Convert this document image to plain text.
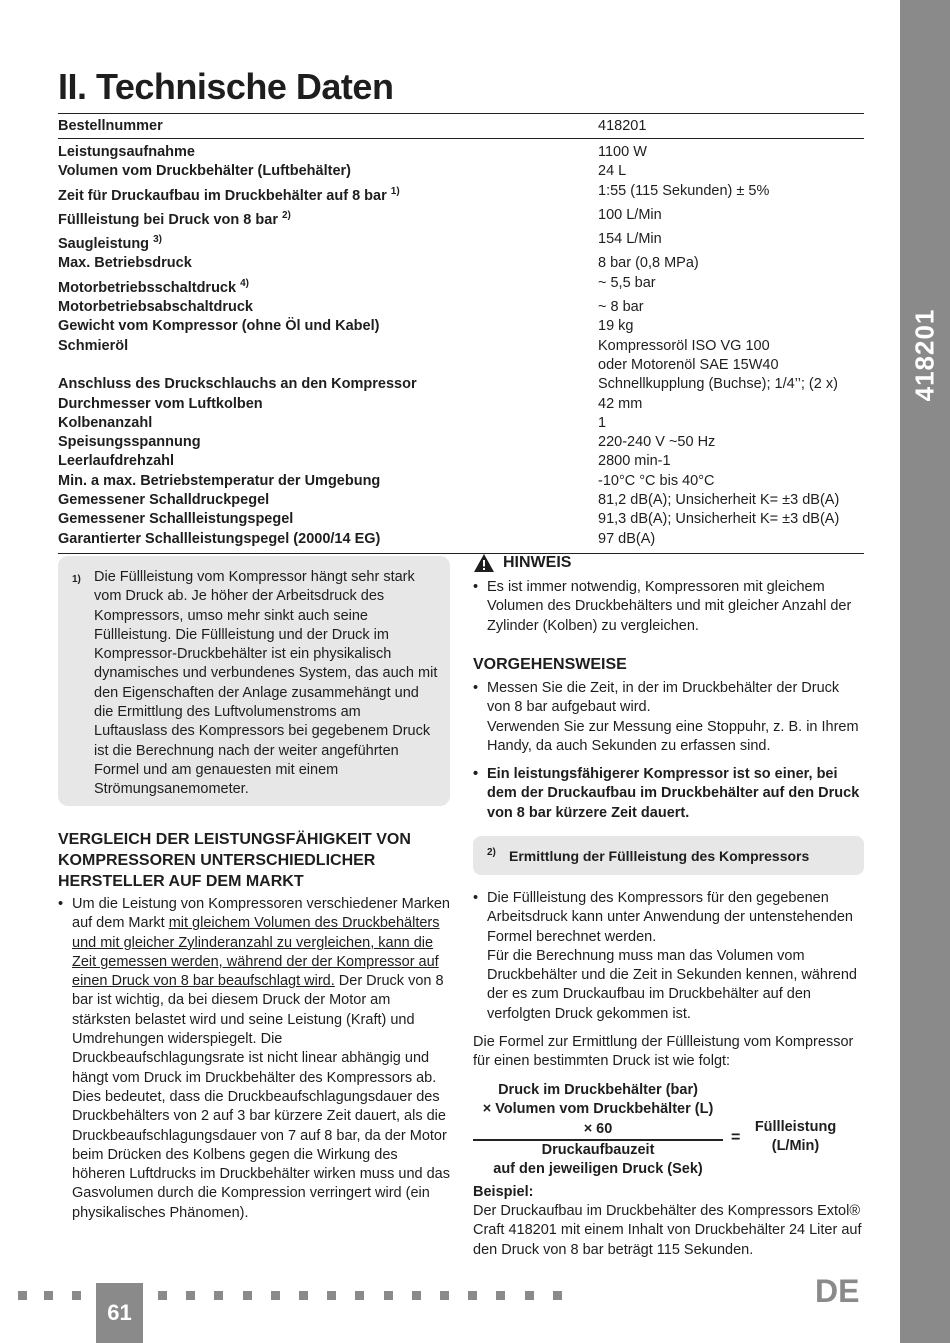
418201
II. Technische Daten
Bestellnummer	418201
Leistungsaufnahme	1100 W
Volumen vom Druckbehälter (Luftbehälter)	24 L
Zeit für Druckaufbau im Druckbehälter auf 8 bar $^{1)}$	1:55 (115 Sekunden) ± 5%
Füllleistung bei Druck von 8 bar $^{2)}$	100 L/Min
Saugleistung $^{3)}$	154 L/Min
Max. Betriebsdruck	8 bar (0,8 MPa)
Motorbetriebsschaltdruck $^{4)}$	~ 5,5 bar
Motorbetriebsabschaltdruck	~ 8 bar
Gewicht vom Kompressor (ohne Öl und Kabel)	19 kg
Schmieröl	Kompressoröl ISO VG 100
oder Motorenöl SAE 15W40
Anschluss des Druckschlauchs an den Kompressor	Schnellkupplung (Buchse); 1/4’’; (2 x)
Durchmesser vom Luftkolben	42 mm
Kolbenanzahl	1
Speisungsspannung	220-240 V ~50 Hz
Leerlaufdrehzahl	2800 min-1
Min. a max. Betriebstemperatur der Umgebung	-10°C °C bis 40°C
Gemessener Schalldruckpegel	81,2 dB(A); Unsicherheit K= ±3 dB(A)
Gemessener Schallleistungspegel	91,3 dB(A); Unsicherheit K= ±3 dB(A)
Garantierter Schallleistungspegel (2000/14 EG)	97 dB(A)
1) Die Füllleistung vom Kompressor hängt sehr stark vom Druck ab. Je höher der Arbeitsdruck des Kompressors, umso mehr sinkt auch seine Füllleistung. Die Füllleistung und der Druck im Kompressor-Druckbehälter ist ein physikalisch dynamisches und verbundenes System, das auch mit den Eigenschaften der Anlage zusammehängt und die Ermittlung des Luftvolumenstroms am Luftauslass des Kompressors bei gegebenem Druck ist die Berechnung nach der weiter angeführten Formel und am genauesten mit einem Strömungsanemometer.

VERGLEICH DER LEISTUNGSFÄHIGKEIT VON KOMPRESSOREN UNTERSCHIEDLICHER HERSTELLER AUF DEM MARKT
• Um die Leistung von Kompressoren verschiedener Marken auf dem Markt mit gleichem Volumen des Druckbehälters und mit gleicher Zylinderanzahl zu vergleichen, kann die Zeit gemessen werden, während der der Kompressor auf einen Druck von 8 bar beaufschlagt wird. Der Druck von 8 bar ist wichtig, da bei diesem Druck der Motor am stärksten belastet wird und seine Leistung (Kraft) und Umdrehungen widerspiegelt. Die Druckbeaufschlagungsrate ist nicht linear abhängig und hängt vom Druck im Druckbehälter des Kompressors ab. Dies bedeutet, dass die Druckbeaufschlagungsdauer des Druckbehälters von 2 auf 3 bar kürzere Zeit dauert, als die Druckbeaufschlagungsdauer von 7 auf 8 bar, da der Motor beim Drücken des Kolbens gegen die Wirkung des höheren Luftdrucks im Druckbehälter wirken muss und das Gasvolumen durch die Kompression verringert wird (ein physikalisches Phänomen).

HINWEIS
• Es ist immer notwendig, Kompressoren mit gleichem Volumen des Druckbehälters und mit gleicher Anzahl der Zylinder (Kolben) zu vergleichen.

VORGEHENSWEISE
• Messen Sie die Zeit, in der im Druckbehälter der Druck von 8 bar aufgebaut wird.

Verwenden Sie zur Messung eine Stoppuhr, z. B. in Ihrem Handy, da auch Sekunden zu erfassen sind.

• Ein leistungsfähigerer Kompressor ist so einer, bei dem der Druckaufbau im Druckbehälter auf den Druck von 8 bar kürzere Zeit dauert.

2) Ermittlung der Füllleistung des Kompressors
• Die Füllleistung des Kompressors für den gegebenen Arbeitsdruck kann unter Anwendung der untenstehenden Formel berechnet werden.

Für die Berechnung muss man das Volumen vom Druckbehälter und die Zeit in Sekunden kennen, während der es zum Druckaufbau im Druckbehälter auf den verfolgten Druck gekommen ist.

Die Formel zur Ermittlung der Füllleistung vom Kompressor für einen bestimmten Druck ist wie folgt:

Druck im Druckbehälter (bar)
× Volumen vom Druckbehälter (L)
× 60
Druckaufbauzeit
auf den jeweiligen Druck (Sek)
=
Füllleistung
(L/Min)
Beispiel:

Der Druckaufbau im Druckbehälter des Kompressors Extol® Craft 418201 mit einem Inhalt von Druckbehälter 24 Liter auf den Druck von 8 bar beträgt 115 Sekunden.

61
DE
